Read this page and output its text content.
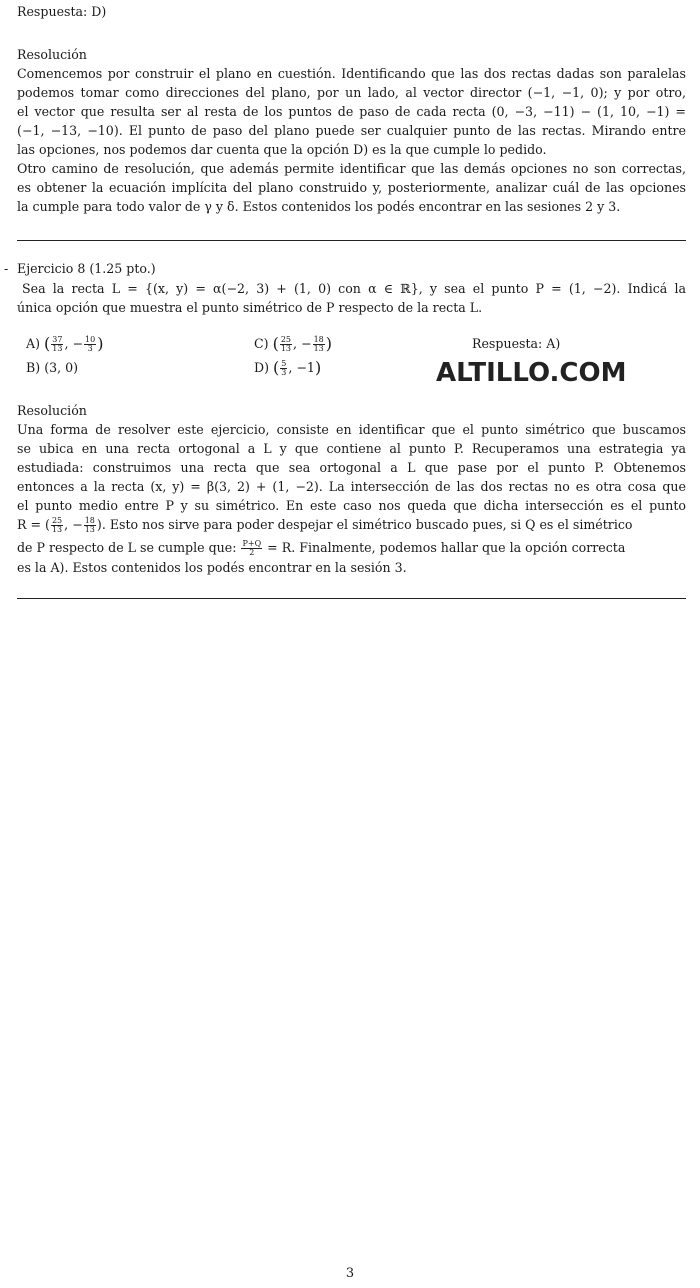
Respuesta: D)
Resolución
Comencemos por construir el plano en cuestión. Identificando que las dos rectas dadas son paralelas
podemos tomar como direcciones del plano, por un lado, al vector director (−1, −1, 0); y por otro,
el vector que resulta ser al resta de los puntos de paso de cada recta (0, −3, −11) − (1, 10, −1) =
(−1, −13, −10). El punto de paso del plano puede ser cualquier punto de las rectas. Mirando entre
las opciones, nos podemos dar cuenta que la opción D) es la que cumple lo pedido.
Otro camino de resolución, que además permite identificar que las demás opciones no son correctas,
es obtener la ecuación implícita del plano construido y, posteriormente, analizar cuál de las opciones
la cumple para todo valor de γ y δ. Estos contenidos los podés encontrar en las sesiones 2 y 3.
- Ejercicio 8 (1.25 pto.)
Sea la recta L = {(x, y) = α(−2, 3) + (1, 0) con α ∈ ℝ}, y sea el punto P = (1, −2). Indicá la
única opción que muestra el punto simétrico de P respecto de la recta L.
A) ( $\frac{37}{13}$ , − $\frac{10}{3}$ )
B) (3, 0)
C) ( $\frac{25}{13}$ , − $\frac{18}{13}$ )
D) ( $\frac{5}{3}$ , −1)
Respuesta: A)
ALTILLO.COM
Resolución
Una forma de resolver este ejercicio, consiste en identificar que el punto simétrico que buscamos
se ubica en una recta ortogonal a L y que contiene al punto P. Recuperamos una estrategia ya
estudiada: construimos una recta que sea ortogonal a L que pase por el punto P. Obtenemos
entonces a la recta (x, y) = β(3, 2) + (1, −2). La intersección de las dos rectas no es otra cosa que
el punto medio entre P y su simétrico. En este caso nos queda que dicha intersección es el punto
R = ( $\frac{25}{13}$ , − $\frac{18}{13}$ ). Esto nos sirve para poder despejar el simétrico buscado pues, si Q es el simétrico
de P respecto de L se cumple que: $\frac{P+Q}{2} = R$. Finalmente, podemos hallar que la opción correcta
es la A). Estos contenidos los podés encontrar en la sesión 3.
3
